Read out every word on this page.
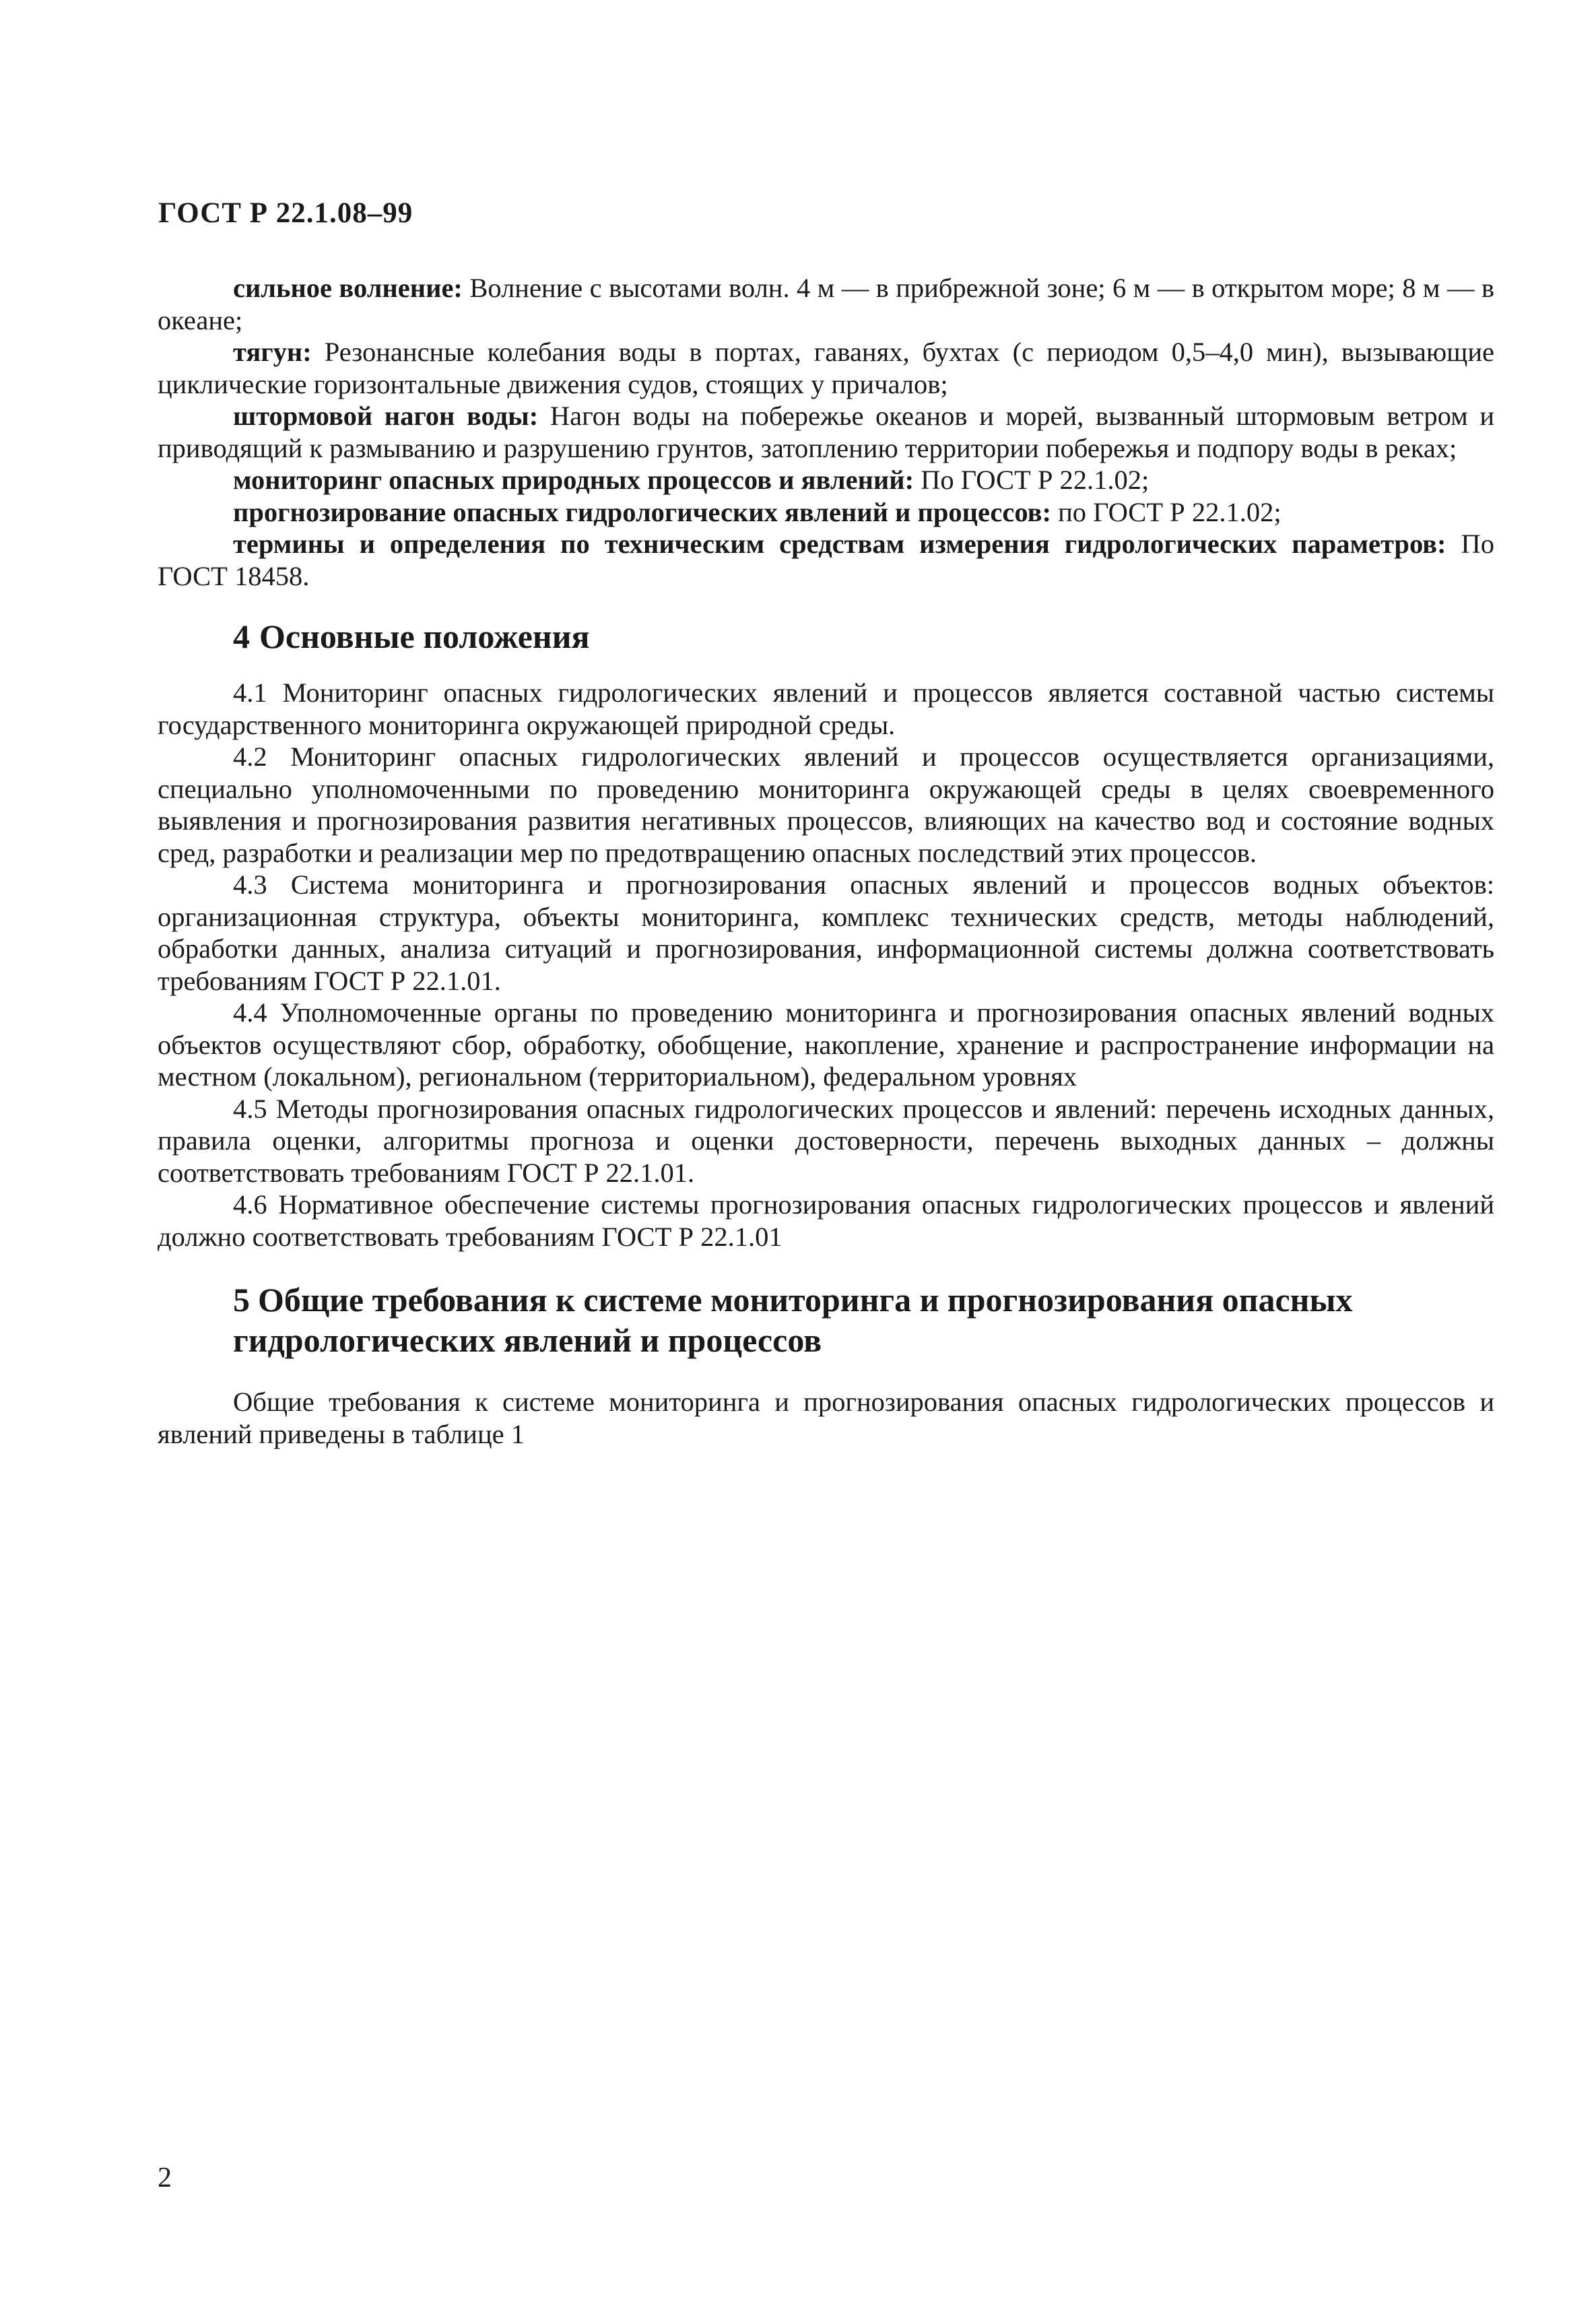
ГОСТ Р 22.1.08–99

сильное волнение: Волнение с высотами волн. 4 м — в прибрежной зоне; 6 м — в открытом море; 8 м — в океане;

тягун: Резонансные колебания воды в портах, гаванях, бухтах (с периодом 0,5–4,0 мин), вызывающие циклические горизонтальные движения судов, стоящих у причалов;

штормовой нагон воды: Нагон воды на побережье океанов и морей, вызванный штормовым ветром и приводящий к размыванию и разрушению грунтов, затоплению территории побережья и подпору воды в реках;

мониторинг опасных природных процессов и явлений: По ГОСТ Р 22.1.02;

прогнозирование опасных гидрологических явлений и процессов: по ГОСТ Р 22.1.02;

термины и определения по техническим средствам измерения гидрологических параметров: По ГОСТ 18458.

4 Основные положения

4.1 Мониторинг опасных гидрологических явлений и процессов является составной частью системы государственного мониторинга окружающей природной среды.

4.2 Мониторинг опасных гидрологических явлений и процессов осуществляется организациями, специально уполномоченными по проведению мониторинга окружающей среды в целях своевременного выявления и прогнозирования развития негативных процессов, влияющих на качество вод и состояние водных сред, разработки и реализации мер по предотвращению опасных последствий этих процессов.

4.3 Система мониторинга и прогнозирования опасных явлений и процессов водных объектов: организационная структура, объекты мониторинга, комплекс технических средств, методы наблюдений, обработки данных, анализа ситуаций и прогнозирования, информационной системы должна соответствовать требованиям ГОСТ Р 22.1.01.

4.4 Уполномоченные органы по проведению мониторинга и прогнозирования опасных явлений водных объектов осуществляют сбор, обработку, обобщение, накопление, хранение и распространение информации на местном (локальном), региональном (территориальном), федеральном уровнях

4.5 Методы прогнозирования опасных гидрологических процессов и явлений: перечень исходных данных, правила оценки, алгоритмы прогноза и оценки достоверности, перечень выходных данных – должны соответствовать требованиям ГОСТ Р 22.1.01.

4.6 Нормативное обеспечение системы прогнозирования опасных гидрологических процессов и явлений должно соответствовать требованиям ГОСТ Р 22.1.01

5 Общие требования к системе мониторинга и прогнозирования опасных гидрологических явлений и процессов

Общие требования к системе мониторинга и прогнозирования опасных гидрологических процессов и явлений приведены в таблице 1

2
